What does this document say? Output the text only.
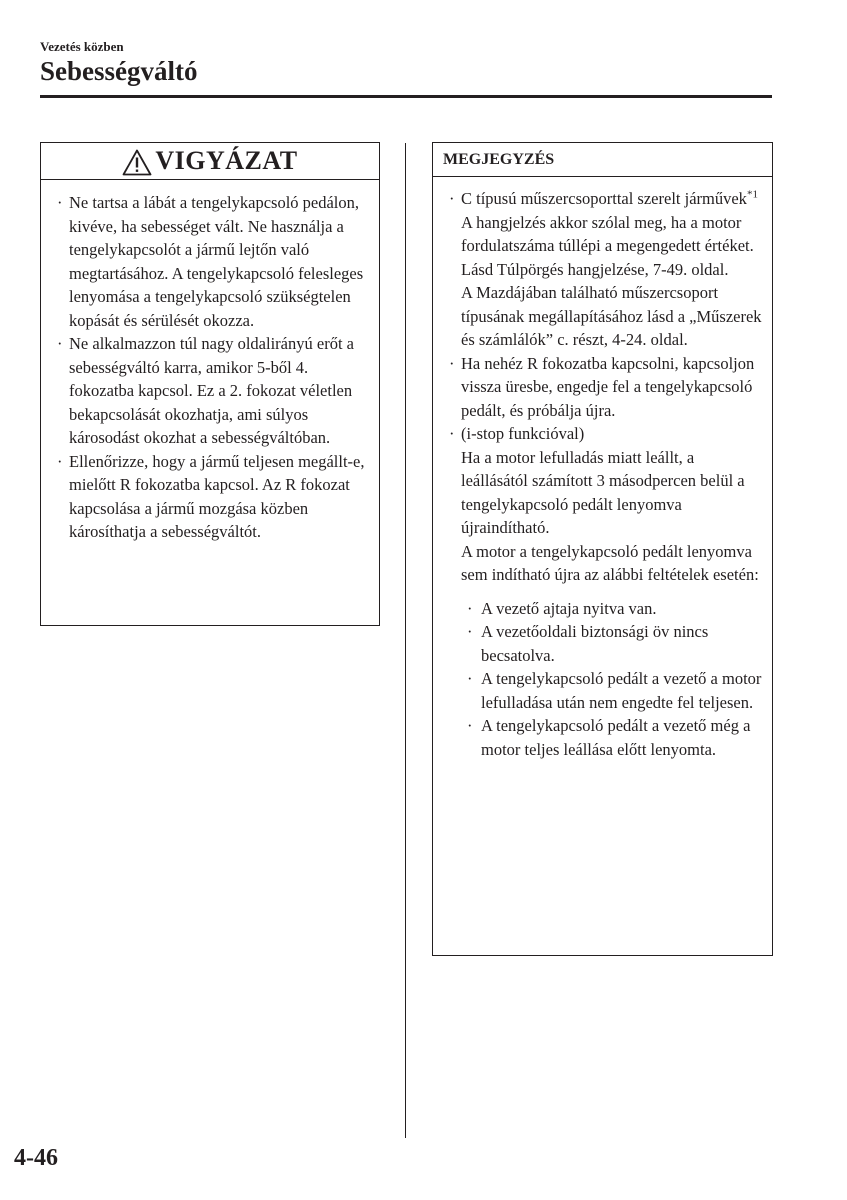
Vezetés közben
Sebességváltó
VIGYÁZAT
· Ne tartsa a lábát a tengelykapcsoló pedálon, kivéve, ha sebességet vált. Ne használja a tengelykapcsolót a jármű lejtőn való megtartásához. A tengelykapcsoló felesleges lenyomása a tengelykapcsoló szükségtelen kopását és sérülését okozza.
· Ne alkalmazzon túl nagy oldalirányú erőt a sebességváltó karra, amikor 5-ből 4. fokozatba kapcsol. Ez a 2. fokozat véletlen bekapcsolását okozhatja, ami súlyos károsodást okozhat a sebességváltóban.
· Ellenőrizze, hogy a jármű teljesen megállt-e, mielőtt R fokozatba kapcsol. Az R fokozat kapcsolása a jármű mozgása közben károsíthatja a sebességváltót.
MEGJEGYZÉS
· C típusú műszercsoporttal szerelt járművek$^{*1}$

A hangjelzés akkor szólal meg, ha a motor fordulatszáma túllépi a megengedett értéket.

Lásd Túlpörgés hangjelzése, 7-49. oldal.

A Mazdájában található műszercsoport típusának megállapításához lásd a „Műszerek és számlálók” c. részt, 4-24. oldal.

· Ha nehéz R fokozatba kapcsolni, kapcsoljon vissza üresbe, engedje fel a tengelykapcsoló pedált, és próbálja újra.
· (i-stop funkcióval)

Ha a motor lefulladás miatt leállt, a leállásától számított 3 másodpercen belül a tengelykapcsoló pedált lenyomva újraindítható.

A motor a tengelykapcsoló pedált lenyomva sem indítható újra az alábbi feltételek esetén:

· A vezető ajtaja nyitva van.
· A vezetőoldali biztonsági öv nincs becsatolva.
· A tengelykapcsoló pedált a vezető a motor lefulladása után nem engedte fel teljesen.
· A tengelykapcsoló pedált a vezető még a motor teljes leállása előtt lenyomta.
4-46
